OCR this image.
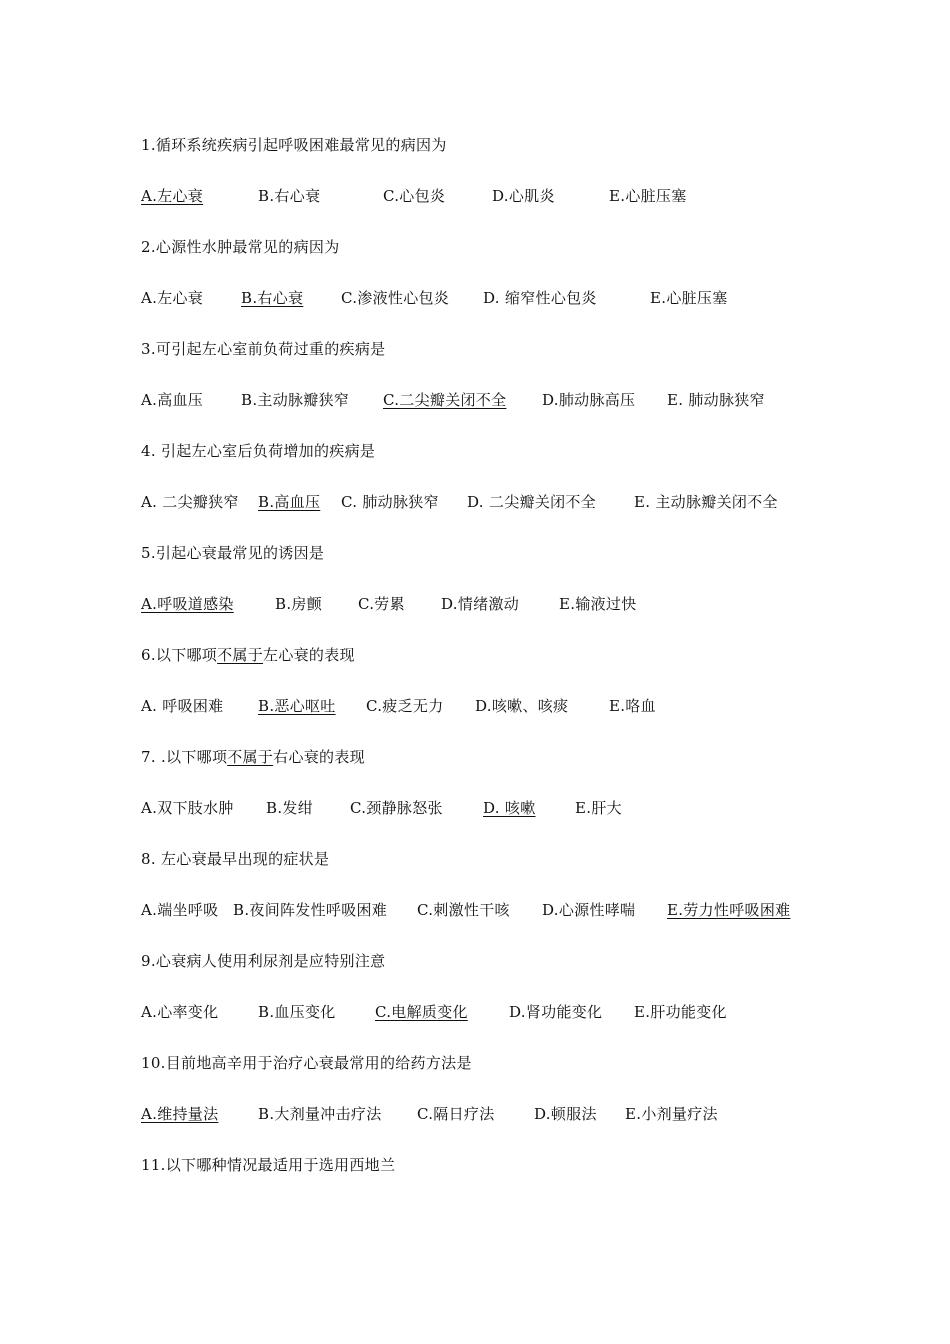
1.循环系统疾病引起呼吸困难最常见的病因为
A.左心衰	B.右心衰	C.心包炎	D.心肌炎	E.心脏压塞
2.心源性水肿最常见的病因为
A.左心衰	B.右心衰	C.渗液性心包炎 D. 缩窄性心包炎	E.心脏压塞
3.可引起左心室前负荷过重的疾病是
A.高血压	B.主动脉瓣狭窄 C.二尖瓣关闭不全 D.肺动脉高压 E. 肺动脉狭窄
4. 引起左心室后负荷增加的疾病是
A. 二尖瓣狭窄 B.高血压 C. 肺动脉狭窄 D. 二尖瓣关闭不全	E. 主动脉瓣关闭不全
5.引起心衰最常见的诱因是
A.呼吸道感染	B.房颤 C.劳累 D.情绪激动	E.输液过快
6.以下哪项不属于左心衰的表现
A. 呼吸困难 B.恶心呕吐 C.疲乏无力 D.咳嗽、咳痰	E.咯血
7. .以下哪项不属于右心衰的表现
A.双下肢水肿 B.发绀 C.颈静脉怒张	D. 咳嗽	E.肝大
8. 左心衰最早出现的症状是
A.端坐呼吸 B.夜间阵发性呼吸困难 C.刺激性干咳 D.心源性哮喘 E.劳力性呼吸困难
9.心衰病人使用利尿剂是应特别注意
A.心率变化	B.血压变化	C.电解质变化	D.肾功能变化 E.肝功能变化
10.目前地高辛用于治疗心衰最常用的给药方法是
A.维持量法	B.大剂量冲击疗法 C.隔日疗法	D.顿服法 E.小剂量疗法
11.以下哪种情况最适用于选用西地兰
